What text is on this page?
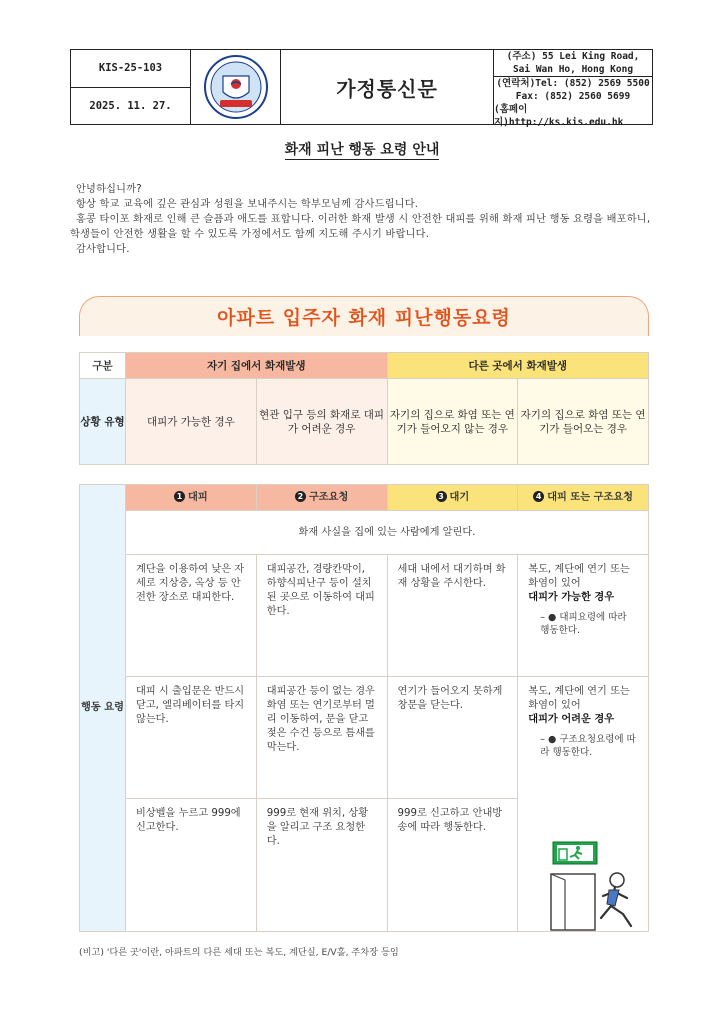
KIS-25-103
2025. 11. 27.
가정통신문
(주소) 55 Lei King Road,
Sai Wan Ho, Hong Kong
(연락처)Tel: (852) 2569 5500
Fax: (852) 2560 5699
(홈페이지)http://ks.kis.edu.hk
화재 피난 행동 요령 안내

안녕하십니까?

항상 학교 교육에 깊은 관심과 성원을 보내주시는 학부모님께 감사드립니다.

홍콩 타이포 화재로 인해 큰 슬픔과 애도를 표합니다. 이러한 화재 발생 시 안전한 대피를 위해 화재 피난 행동 요령을 배포하니, 학생들이 안전한 생활을 할 수 있도록 가정에서도 함께 지도해 주시기 바랍니다.

감사합니다.

아파트 입주자 화재 피난행동요령
구분	자기 집에서 화재발생		다른 곳에서 화재발생	
상황 유형	대피가 가능한 경우	현관 입구 등의 화재로 대피가 어려운 경우	자기의 집으로 화염 또는 연기가 들어오지 않는 경우	자기의 집으로 화염 또는 연기가 들어오는 경우
행동 요령	1 대피	2 구조요청	3 대기	4 대피 또는 구조요청
	화재 사실을 집에 있는 사람에게 알린다.			
	계단을 이용하여 낮은 자세로 지상층, 옥상 등 안전한 장소로 대피한다.	대피공간, 경량칸막이, 하향식피난구 등이 설치된 곳으로 이동하여 대피한다.	세대 내에서 대기하며 화재 상황을 주시한다.	복도, 계단에 연기 또는 화염이 있어
대피가 가능한 경우
– ● 대피요령에 따라 행동한다.

	대피 시 출입문은 반드시 닫고, 엘리베이터를 타지 않는다.	대피공간 등이 없는 경우 화염 또는 연기로부터 멀리 이동하여, 문을 닫고 젖은 수건 등으로 틈새를 막는다.	연기가 들어오지 못하게 창문을 닫는다.	복도, 계단에 연기 또는 화염이 있어
대피가 어려운 경우
– ● 구조요청요령에 따라 행동한다.

	비상벨을 누르고 999에 신고한다.	999로 현재 위치, 상황을 알리고 구조 요청한다.	999로 신고하고 안내방송에 따라 행동한다.	
(비고) '다른 곳'이란, 아파트의 다른 세대 또는 복도, 계단실, E/V홀, 주차장 등임
